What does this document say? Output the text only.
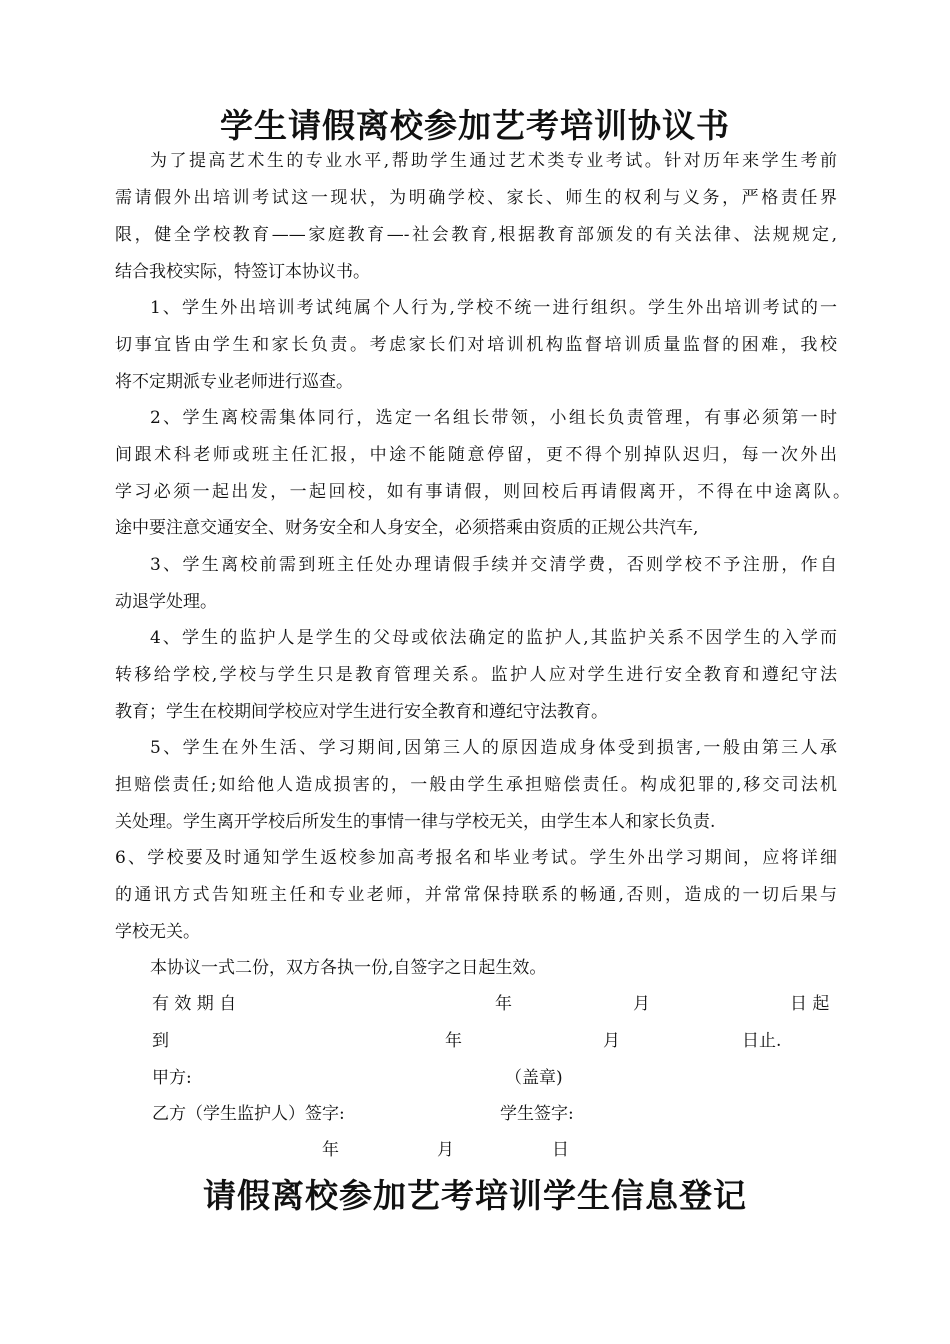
学生请假离校参加艺考培训协议书
为了提高艺术生的专业水平,帮助学生通过艺术类专业考试。针对历年来学生考前
需请假外出培训考试这一现状，为明确学校、家长、师生的权利与义务，严格责任界
限，健全学校教育——家庭教育—-社会教育,根据教育部颁发的有关法律、法规规定,
结合我校实际，特签订本协议书。
1、学生外出培训考试纯属个人行为,学校不统一进行组织。学生外出培训考试的一
切事宜皆由学生和家长负责。考虑家长们对培训机构监督培训质量监督的困难，我校
将不定期派专业老师进行巡查。
2、学生离校需集体同行，选定一名组长带领，小组长负责管理，有事必须第一时
间跟术科老师或班主任汇报，中途不能随意停留，更不得个别掉队迟归，每一次外出
学习必须一起出发，一起回校，如有事请假，则回校后再请假离开，不得在中途离队。
途中要注意交通安全、财务安全和人身安全，必须搭乘由资质的正规公共汽车,
3、学生离校前需到班主任处办理请假手续并交清学费，否则学校不予注册，作自
动退学处理。
4、学生的监护人是学生的父母或依法确定的监护人,其监护关系不因学生的入学而
转移给学校,学校与学生只是教育管理关系。监护人应对学生进行安全教育和遵纪守法
教育；学生在校期间学校应对学生进行安全教育和遵纪守法教育。
5、学生在外生活、学习期间,因第三人的原因造成身体受到损害,一般由第三人承
担赔偿责任;如给他人造成损害的，一般由学生承担赔偿责任。构成犯罪的,移交司法机
关处理。学生离开学校后所发生的事情一律与学校无关，由学生本人和家长负责.
6、学校要及时通知学生返校参加高考报名和毕业考试。学生外出学习期间，应将详细
的通讯方式告知班主任和专业老师，并常常保持联系的畅通,否则，造成的一切后果与
学校无关。
本协议一式二份，双方各执一份,自签字之日起生效。
有 效 期 自	年	月	日 起
到	年	月	日止.
甲方:	（盖章)
乙方（学生监护人）签字:	学生签字:
年	月	日
请假离校参加艺考培训学生信息登记
